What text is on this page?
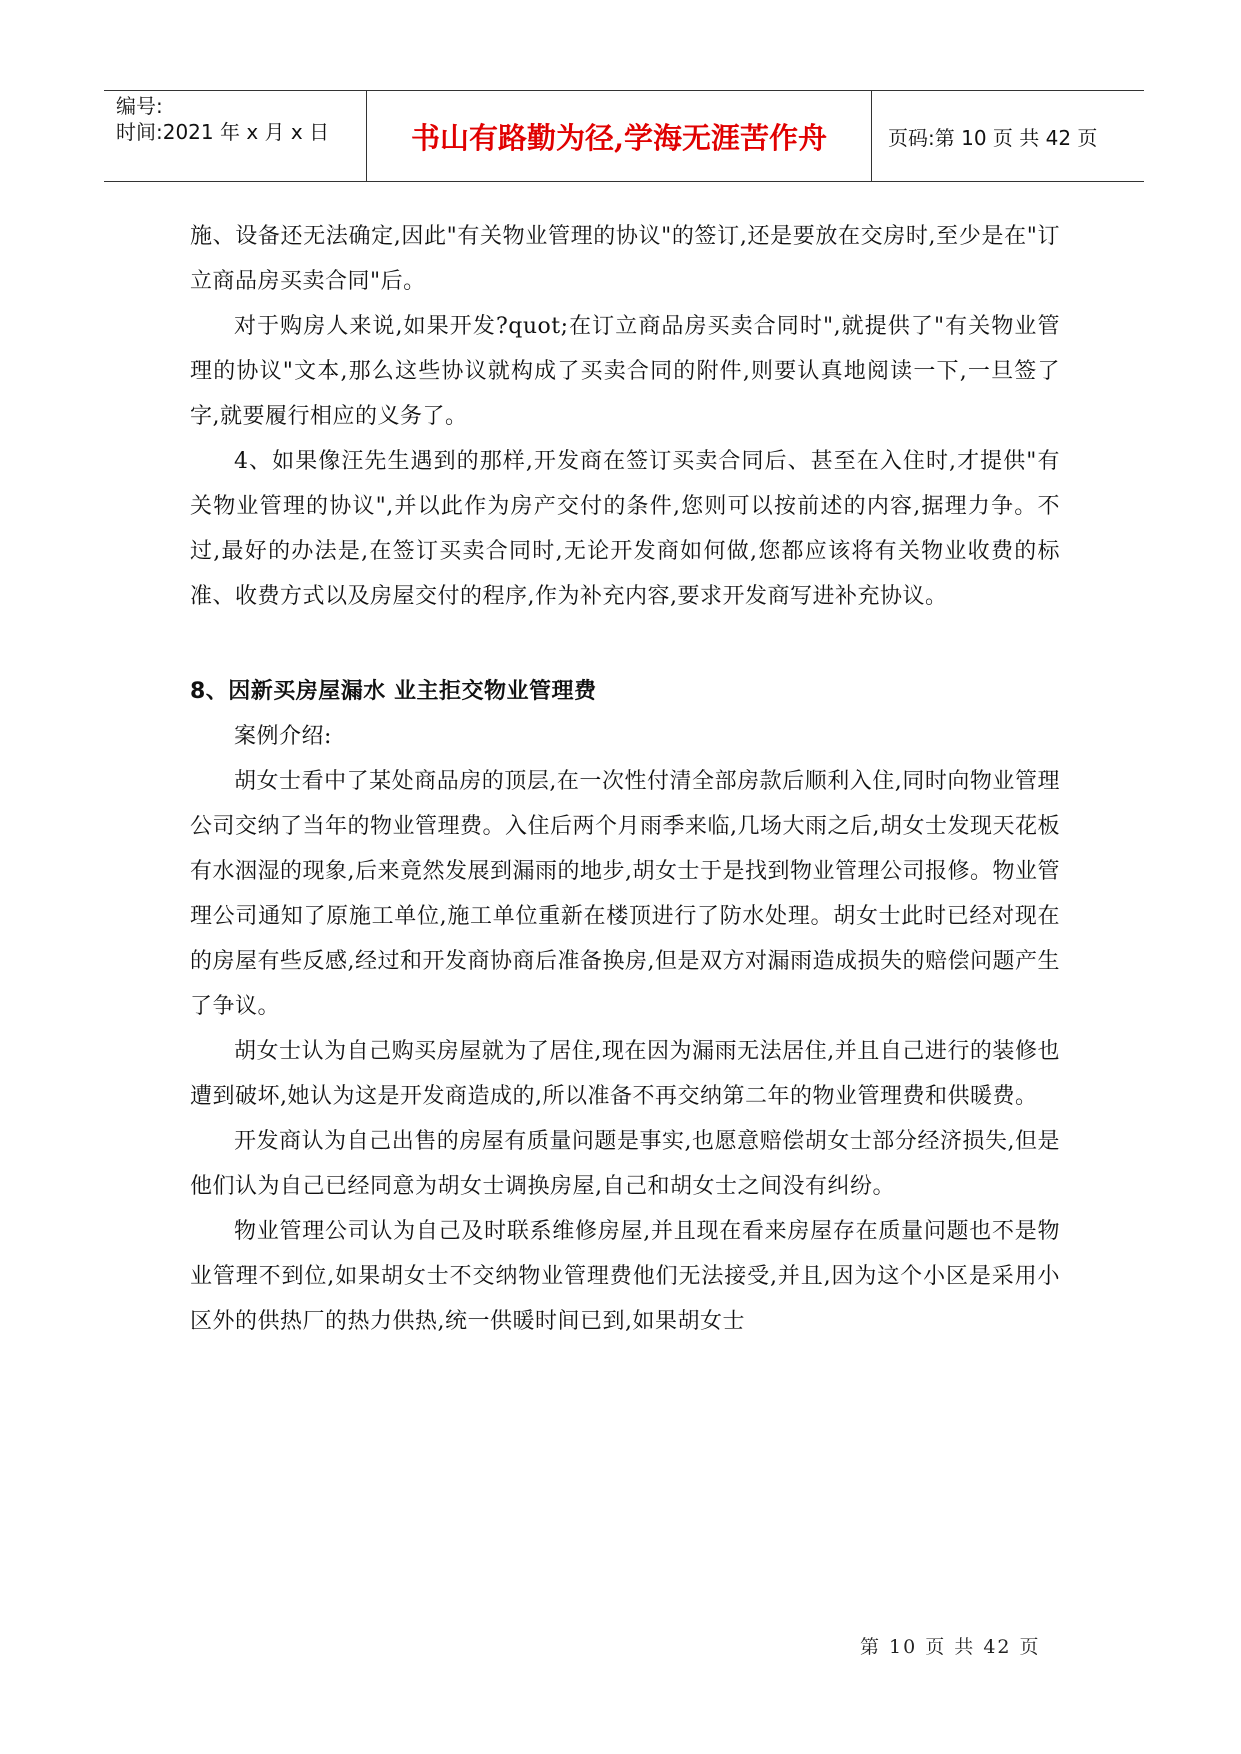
编号:
时间:2021 年 x 月 x 日	书山有路勤为径,学海无涯苦作舟	页码:第 10 页 共 42 页

施、设备还无法确定,因此"有关物业管理的协议"的签订,还是要放在交房时,至少是在"订立商品房买卖合同"后。

对于购房人来说,如果开发?quot;在订立商品房买卖合同时",就提供了"有关物业管理的协议"文本,那么这些协议就构成了买卖合同的附件,则要认真地阅读一下,一旦签了字,就要履行相应的义务了。

4、如果像汪先生遇到的那样,开发商在签订买卖合同后、甚至在入住时,才提供"有关物业管理的协议",并以此作为房产交付的条件,您则可以按前述的内容,据理力争。不过,最好的办法是,在签订买卖合同时,无论开发商如何做,您都应该将有关物业收费的标准、收费方式以及房屋交付的程序,作为补充内容,要求开发商写进补充协议。

8、因新买房屋漏水 业主拒交物业管理费

案例介绍:

胡女士看中了某处商品房的顶层,在一次性付清全部房款后顺利入住,同时向物业管理公司交纳了当年的物业管理费。入住后两个月雨季来临,几场大雨之后,胡女士发现天花板有水洇湿的现象,后来竟然发展到漏雨的地步,胡女士于是找到物业管理公司报修。物业管理公司通知了原施工单位,施工单位重新在楼顶进行了防水处理。胡女士此时已经对现在的房屋有些反感,经过和开发商协商后准备换房,但是双方对漏雨造成损失的赔偿问题产生了争议。

胡女士认为自己购买房屋就为了居住,现在因为漏雨无法居住,并且自己进行的装修也遭到破坏,她认为这是开发商造成的,所以准备不再交纳第二年的物业管理费和供暖费。

开发商认为自己出售的房屋有质量问题是事实,也愿意赔偿胡女士部分经济损失,但是他们认为自己已经同意为胡女士调换房屋,自己和胡女士之间没有纠纷。

物业管理公司认为自己及时联系维修房屋,并且现在看来房屋存在质量问题也不是物业管理不到位,如果胡女士不交纳物业管理费他们无法接受,并且,因为这个小区是采用小区外的供热厂的热力供热,统一供暖时间已到,如果胡女士

第 10 页 共 42 页
